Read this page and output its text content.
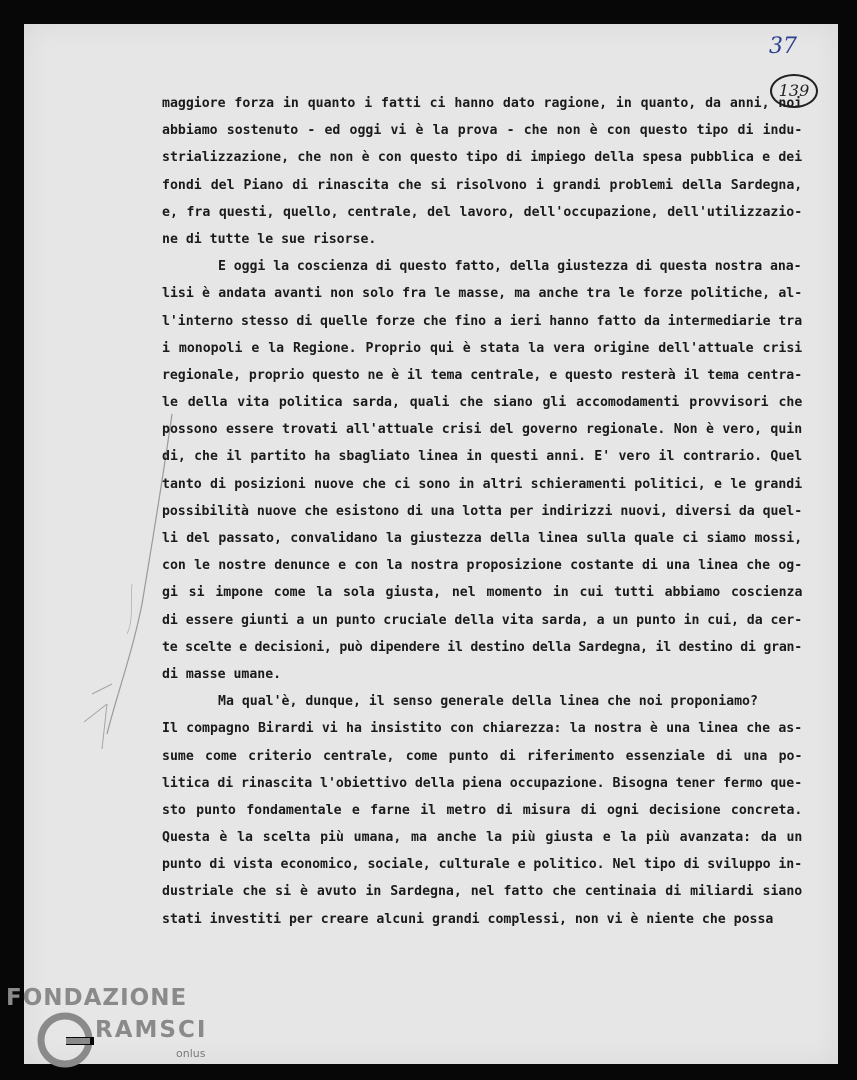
37
139
maggiore forza in quanto i fatti ci hanno dato ragione, in quanto, da anni, noi
abbiamo sostenuto - ed oggi vi è la prova - che non è con questo tipo di indu-
strializzazione, che non è con questo tipo di impiego della spesa pubblica e dei
fondi del Piano di rinascita che si risolvono i grandi problemi della Sardegna,
e, fra questi, quello, centrale, del lavoro, dell'occupazione, dell'utilizzazio-
ne di tutte le sue risorse.
E oggi la coscienza di questo fatto, della giustezza di questa nostra ana-
lisi è andata avanti non solo fra le masse, ma anche tra le forze politiche, al-
l'interno stesso di quelle forze che fino a ieri hanno fatto da intermediarie tra
i monopoli e la Regione. Proprio qui è stata la vera origine dell'attuale crisi
regionale, proprio questo ne è il tema centrale, e questo resterà il tema centra-
le della vita politica sarda, quali che siano gli accomodamenti provvisori che
possono essere trovati all'attuale crisi del governo regionale. Non è vero, quin
di, che il partito ha sbagliato linea in questi anni. E' vero il contrario. Quel
tanto di posizioni nuove che ci sono in altri schieramenti politici, e le grandi
possibilità nuove che esistono di una lotta per indirizzi nuovi, diversi da quel-
li del passato, convalidano la giustezza della linea sulla quale ci siamo mossi,
con le nostre denunce e con la nostra proposizione costante di una linea che og-
gi si impone come la sola giusta, nel momento in cui tutti abbiamo coscienza
di essere giunti a un punto cruciale della vita sarda, a un punto in cui, da cer-
te scelte e decisioni, può dipendere il destino della Sardegna, il destino di gran-
di masse umane.
Ma qual'è, dunque, il senso generale della linea che noi proponiamo?
Il compagno Birardi vi ha insistito con chiarezza: la nostra è una linea che as-
sume come criterio centrale, come punto di riferimento essenziale di una po-
litica di rinascita l'obiettivo della piena occupazione. Bisogna tener fermo que-
sto punto fondamentale e farne il metro di misura di ogni decisione concreta.
Questa è la scelta più umana, ma anche la più giusta e la più avanzata: da un
punto di vista economico, sociale, culturale e politico. Nel tipo di sviluppo in-
dustriale che si è avuto in Sardegna, nel fatto che centinaia di miliardi siano
stati investiti per creare alcuni grandi complessi, non vi è niente che possa
FONDAZIONE
RAMSCI
onlus
